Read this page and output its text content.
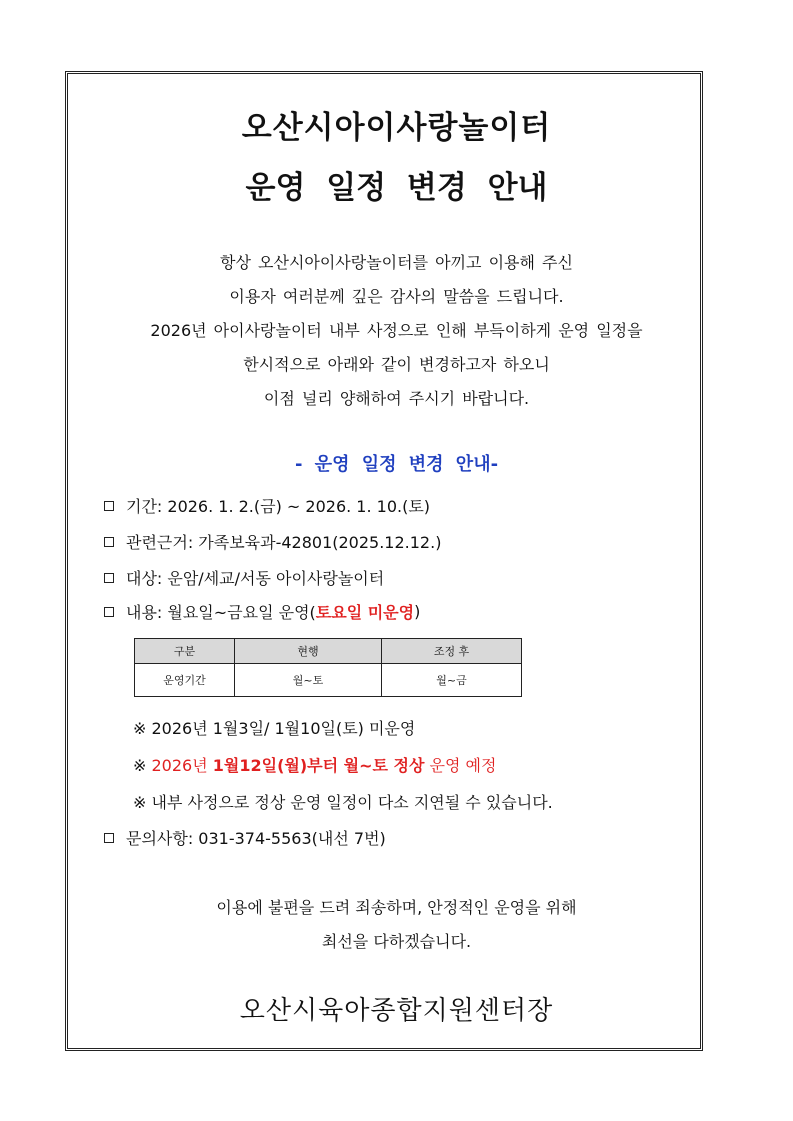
오산시아이사랑놀이터
운영 일정 변경 안내
항상 오산시아이사랑놀이터를 아끼고 이용해 주신
이용자 여러분께 깊은 감사의 말씀을 드립니다.
2026년 아이사랑놀이터 내부 사정으로 인해 부득이하게 운영 일정을
한시적으로 아래와 같이 변경하고자 하오니
이점 널리 양해하여 주시기 바랍니다.
- 운영 일정 변경 안내-
기간: 2026. 1. 2.(금) ~ 2026. 1. 10.(토)
관련근거: 가족보육과-42801(2025.12.12.)
대상: 운암/세교/서동 아이사랑놀이터
내용: 월요일~금요일 운영( 토요일 미운영 )
구분	현행	조정 후
운영기간	월~토	월~금
※ 2026년 1월3일/ 1월10일(토) 미운영
※ 2026년 1월12일(월)부터 월~토 정상 운영 예정
※ 내부 사정으로 정상 운영 일정이 다소 지연될 수 있습니다.
문의사항: 031-374-5563(내선 7번)
이용에 불편을 드려 죄송하며, 안정적인 운영을 위해
최선을 다하겠습니다.
오산시육아종합지원센터장
